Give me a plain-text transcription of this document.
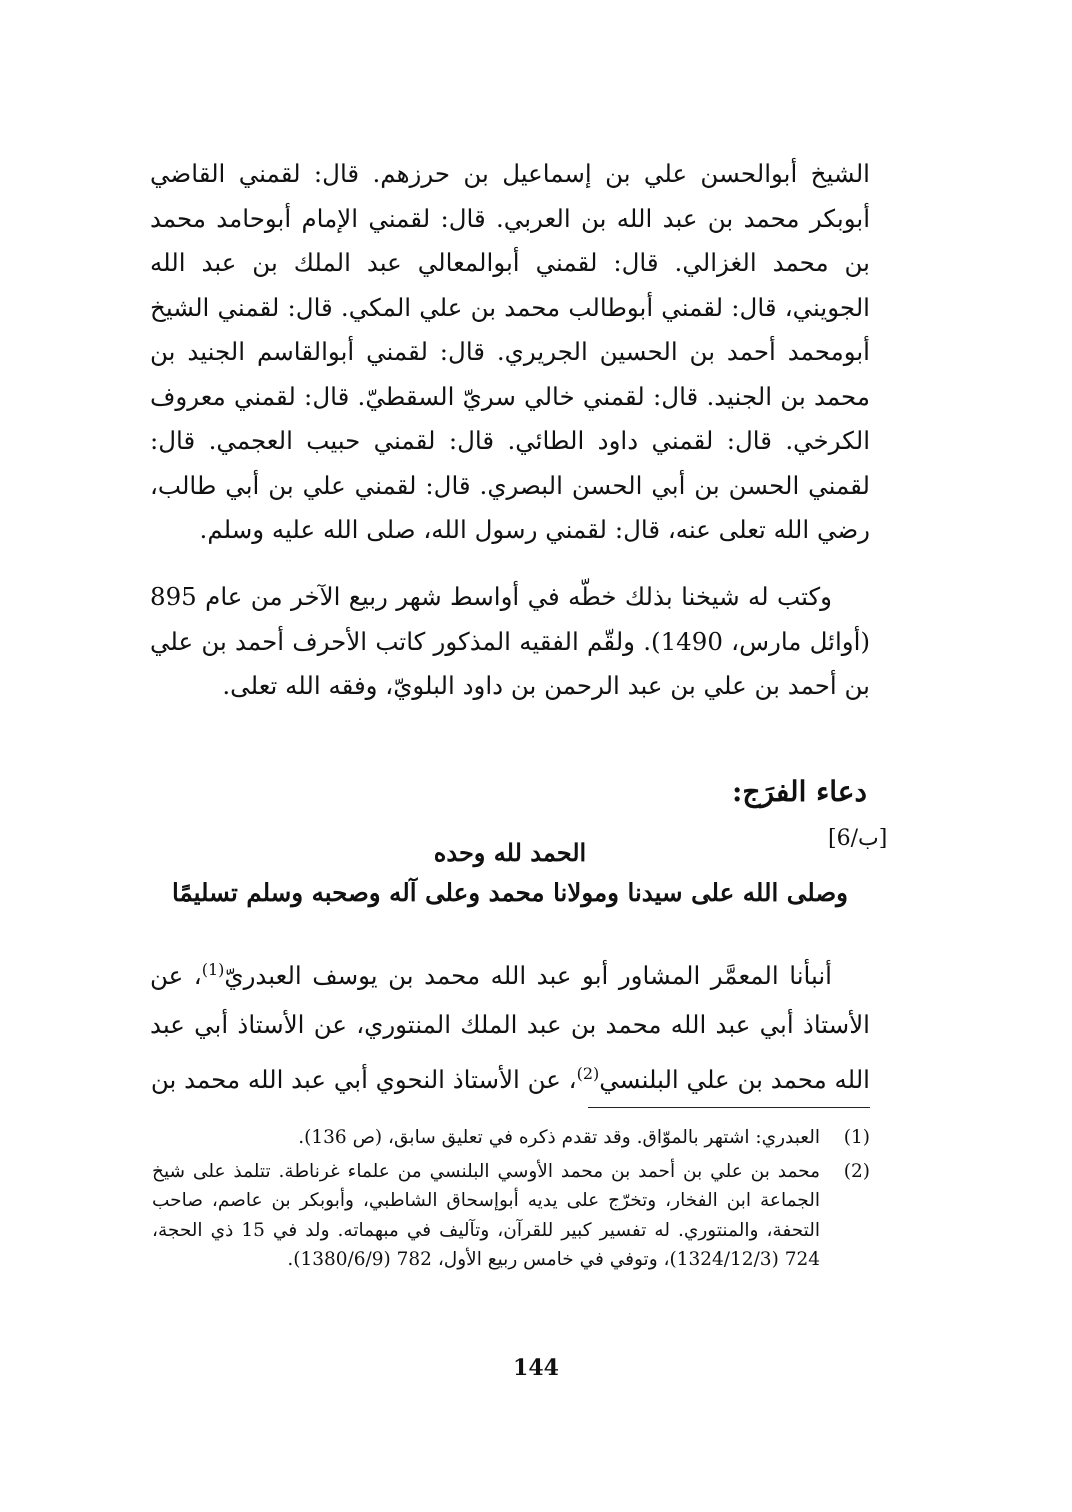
الشيخ أبوالحسن علي بن إسماعيل بن حرزهم. قال: لقمني القاضي أبوبكر محمد بن عبد الله بن العربي. قال: لقمني الإمام أبوحامد محمد بن محمد الغزالي. قال: لقمني أبوالمعالي عبد الملك بن عبد الله الجويني، قال: لقمني أبوطالب محمد بن علي المكي. قال: لقمني الشيخ أبومحمد أحمد بن الحسين الجريري. قال: لقمني أبوالقاسم الجنيد بن محمد بن الجنيد. قال: لقمني خالي سريّ السقطيّ. قال: لقمني معروف الكرخي. قال: لقمني داود الطائي. قال: لقمني حبيب العجمي. قال: لقمني الحسن بن أبي الحسن البصري. قال: لقمني علي بن أبي طالب، رضي الله تعلى عنه، قال: لقمني رسول الله، صلى الله عليه وسلم.

وكتب له شيخنا بذلك خطّه في أواسط شهر ربيع الآخر من عام 895 (أوائل مارس، 1490). ولقّم الفقيه المذكور كاتب الأحرف أحمد بن علي بن أحمد بن علي بن عبد الرحمن بن داود البلويّ، وفقه الله تعلى.

دعاء الفرَج:
[6/ب]

الحمد لله وحده

وصلى الله على سيدنا ومولانا محمد وعلى آله وصحبه وسلم تسليمًا

أنبأنا المعمَّر المشاور أبو عبد الله محمد بن يوسف العبدريّ$^{(1)}$، عن الأستاذ أبي عبد الله محمد بن عبد الملك المنتوري، عن الأستاذ أبي عبد الله محمد بن علي البلنسي$^{(2)}$، عن الأستاذ النحوي أبي عبد الله محمد بن

(1)
العبدري: اشتهر بالموّاق. وقد تقدم ذكره في تعليق سابق، (ص 136).

(2)
محمد بن علي بن أحمد بن محمد الأوسي البلنسي من علماء غرناطة. تتلمذ على شيخ الجماعة ابن الفخار، وتخرّج على يديه أبوإسحاق الشاطبي، وأبوبكر بن عاصم، صاحب التحفة، والمنتوري. له تفسير كبير للقرآن، وتآليف في مبهماته. ولد في 15 ذي الحجة، 724 (1324/12/3)، وتوفي في خامس ربيع الأول، 782 (1380/6/9).

144
